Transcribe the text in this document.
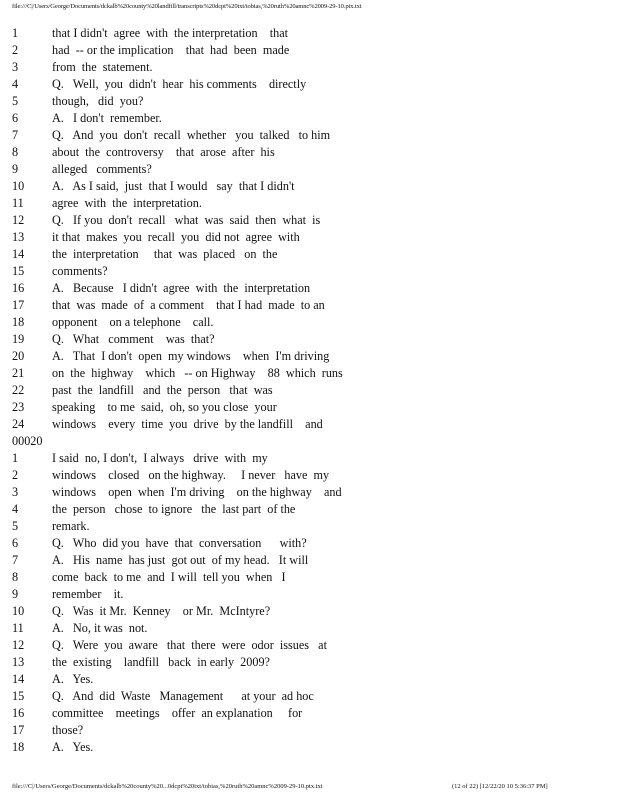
file:///C|/Users/George/Documents/dckalb%20county%20landfill/transcripts%20dcpt%20txt/tobias,%20ruth%20amnc%2009-29-10.ptx.txt
1	that I didn't  agree  with  the interpretation    that
2	had  -- or the implication    that  had  been  made
3	from  the  statement.
4	Q.   Well,  you  didn't  hear  his comments    directly
5	though,   did  you?
6	A.   I don't  remember.
7	Q.   And  you  don't  recall  whether   you  talked   to him
8	about  the  controversy    that  arose  after  his
9	alleged   comments?
10	A.   As I said,  just  that I would   say  that I didn't
11	agree  with  the  interpretation.
12	Q.   If you  don't  recall   what  was  said  then  what  is
13	it that  makes  you  recall  you  did not  agree  with
14	the  interpretation     that  was  placed   on  the
15	comments?
16	A.   Because   I didn't  agree  with  the  interpretation
17	that  was  made  of  a comment    that I had  made  to an
18	opponent    on a telephone    call.
19	Q.   What   comment    was  that?
20	A.   That  I don't  open  my windows    when  I'm driving
21	on  the  highway    which   -- on Highway    88  which  runs
22	past  the  landfill   and  the  person   that  was
23	speaking    to me  said,  oh, so you close  your
24	windows    every  time  you  drive  by the landfill    and
00020
1	I said  no, I don't,  I always   drive  with  my
2	windows    closed   on the highway.     I never   have  my
3	windows    open  when  I'm driving    on the highway    and
4	the  person   chose  to ignore   the  last part  of the
5	remark.
6	Q.   Who  did you  have  that  conversation      with?
7	A.   His  name  has just  got out  of my head.   It will
8	come  back  to me  and  I will  tell you  when   I
9	remember    it.
10	Q.   Was  it Mr.  Kenney    or Mr.  McIntyre?
11	A.   No, it was  not.
12	Q.   Were  you  aware   that  there  were  odor  issues   at
13	the  existing    landfill   back  in early  2009?
14	A.   Yes.
15	Q.   And  did  Waste   Management      at your  ad hoc
16	committee    meetings    offer  an explanation     for
17	those?
18	A.   Yes.
file:///C|/Users/George/Documents/dckalb%20county%20...0dcpt%20txt/tobias,%20ruth%20amnc%2009-29-10.ptx.txt	(12 of 22) [12/22/20 10 5:36:37 PM]
